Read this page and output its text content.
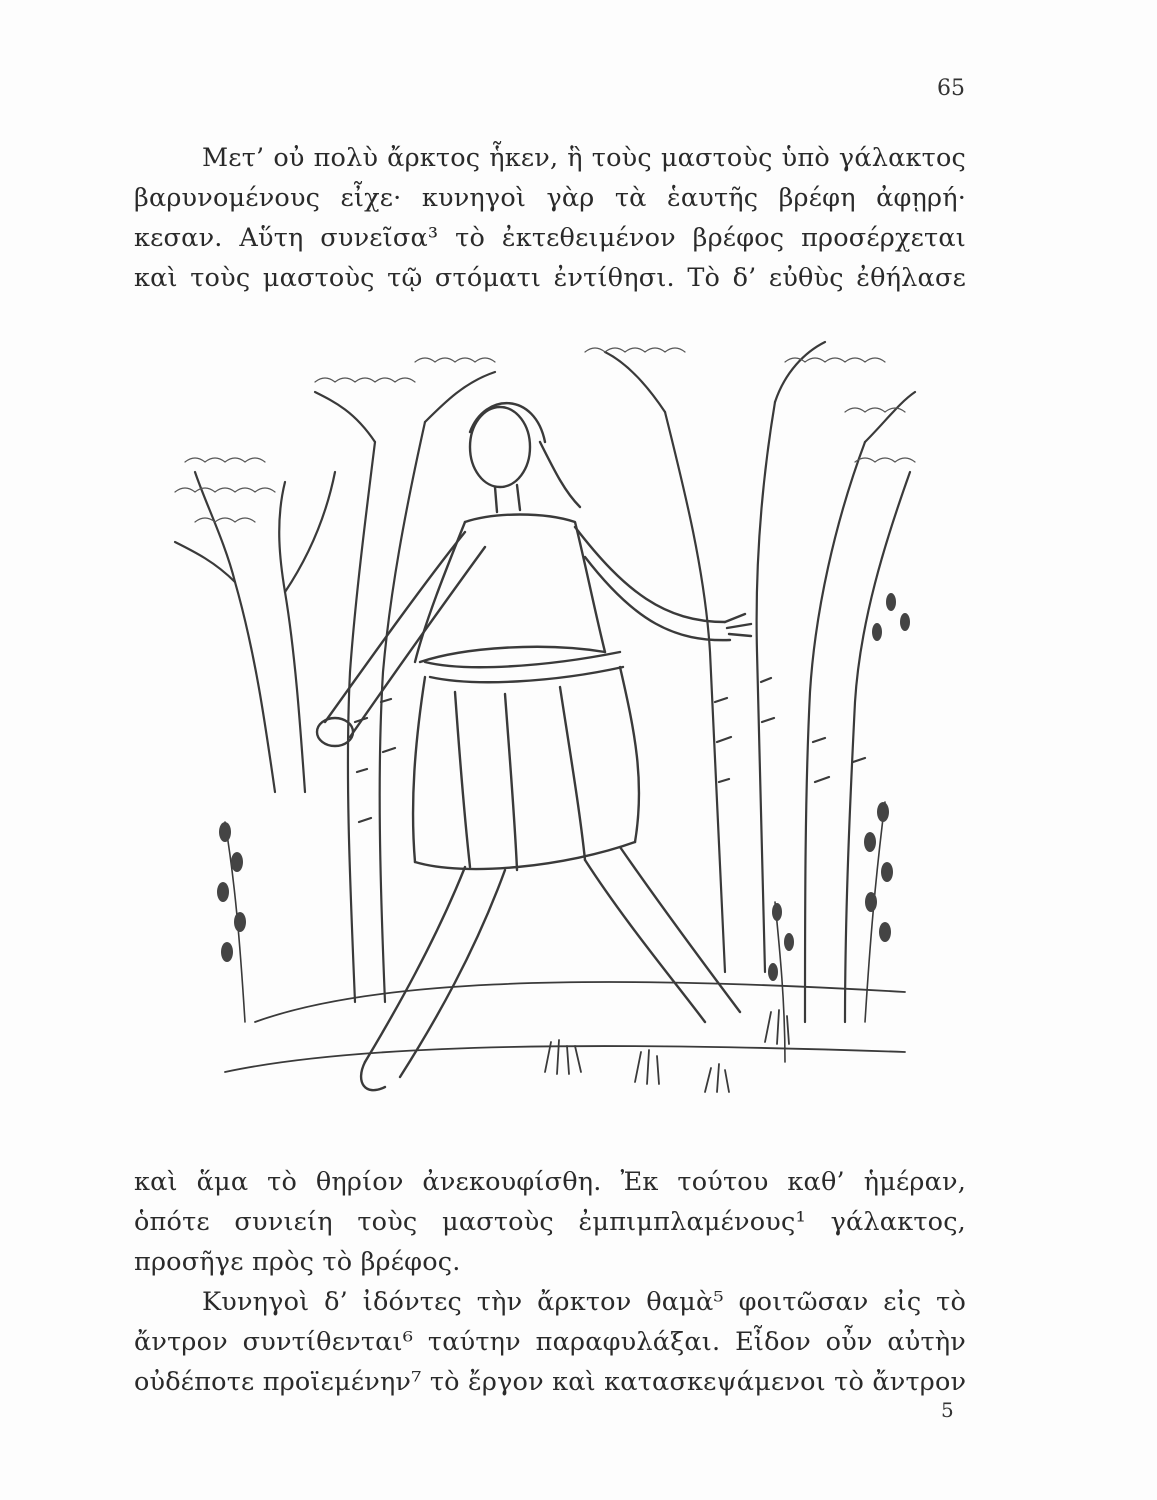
65

Μετ’ οὐ πολὺ ἄρκτος ἧκεν, ἣ τοὺς μαστοὺς ὑπὸ γάλακτος
βαρυνομένους εἶχε· κυνηγοὶ γὰρ τὰ ἑαυτῆς βρέφη ἀφῃρή·
κεσαν. Αὕτη συνεῖσα³ τὸ ἐκτεθειμένον βρέφος προσέρχεται
καὶ τοὺς μαστοὺς τῷ στόματι ἐντίθησι. Τὸ δ’ εὐθὺς ἐθήλασε

καὶ ἅμα τὸ θηρίον ἀνεκουφίσθη. Ἐκ τούτου καθ’ ἡμέραν,
ὁπότε συνιείη τοὺς μαστοὺς ἐμπιμπλαμένους¹ γάλακτος,
προσῆγε πρὸς τὸ βρέφος.

Κυνηγοὶ δ’ ἰδόντες τὴν ἄρκτον θαμὰ⁵ φοιτῶσαν εἰς τὸ
ἄντρον συντίθενται⁶ ταύτην παραφυλάξαι. Εἶδον οὖν αὐτὴν
οὐδέποτε προϊεμένην⁷ τὸ ἔργον καὶ κατασκεψάμενοι τὸ ἄντρον

5
